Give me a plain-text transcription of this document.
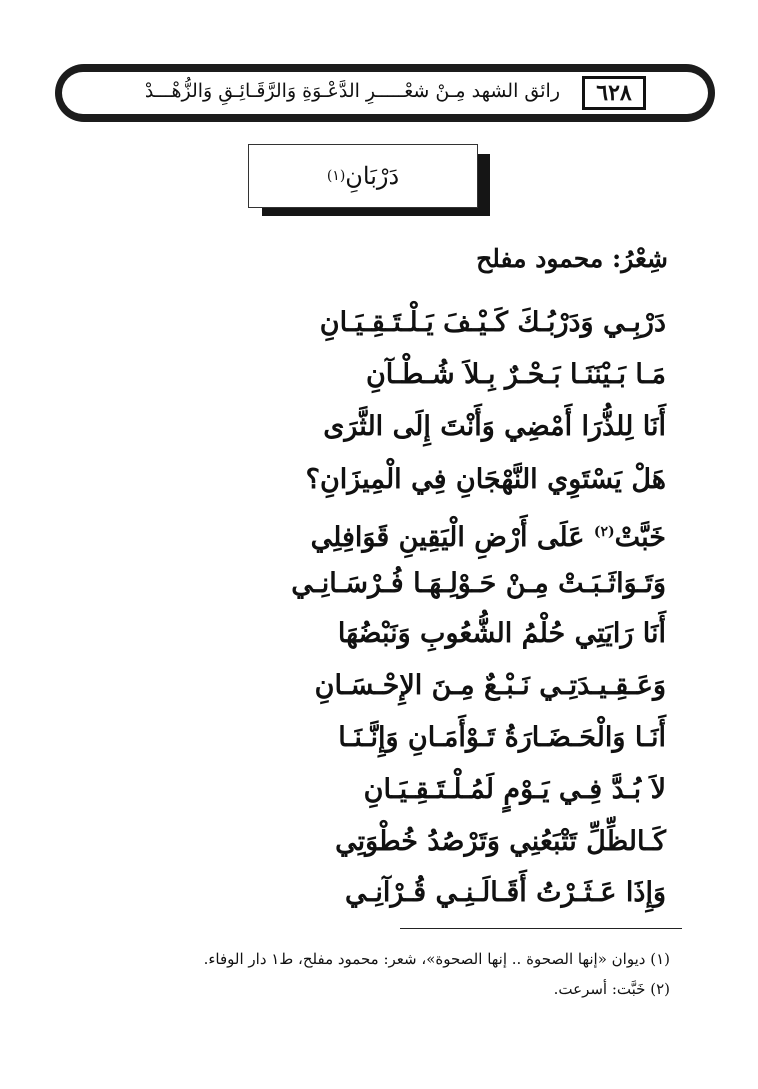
٦٢٨
رائق الشهد مِـنْ شعْـــــرِ الدَّعْـوَةِ وَالرَّقَـائِـقِ وَالزُّهْـــدْ
دَرْبَانِ
(١)
شِعْرُ: محمود مفلح
دَرْبِـي وَدَرْبُـكَ كَـيْـفَ يَـلْـتَـقِـيَـانِ
مَـا بَـيْنَنَـا بَـحْـرٌ بِـلاَ شُـطْـآنِ
أَنَا لِلذُّرَا أَمْضِي وَأَنْتَ إِلَى الثَّرَى
هَلْ يَسْتَوِي النَّهْجَانِ فِي الْمِيزَانِ؟
خَبَّتْ$^{(٢)}$ عَلَى أَرْضِ الْيَقِينِ قَوَافِلِي
وَتَـوَاثَـبَـتْ مِـنْ حَـوْلِـهَـا فُـرْسَـانِـي
أَنَا رَايَتِي حُلْمُ الشُّعُوبِ وَنَبْضُهَا
وَعَـقِـيـدَتِـي نَـبْـعٌ مِـنَ الإِحْـسَـانِ
أَنَـا وَالْحَـضَـارَةُ تَـوْأَمَـانِ وَإِنَّـنَـا
لاَ بُـدَّ فِـي يَـوْمٍ لَمُـلْـتَـقِـيَـانِ
كَـالظِّلِّ تَتْبَعُنِي وَتَرْصُدُ خُطْوَتِي
وَإِذَا عَـثَـرْتُ أَقَـالَـنِـي قُـرْآنِـي
(١) ديوان «إنها الصحوة .. إنها الصحوة»، شعر: محمود مفلح، ط١ دار الوفاء.
(٢) خَبَّت: أسرعت.
